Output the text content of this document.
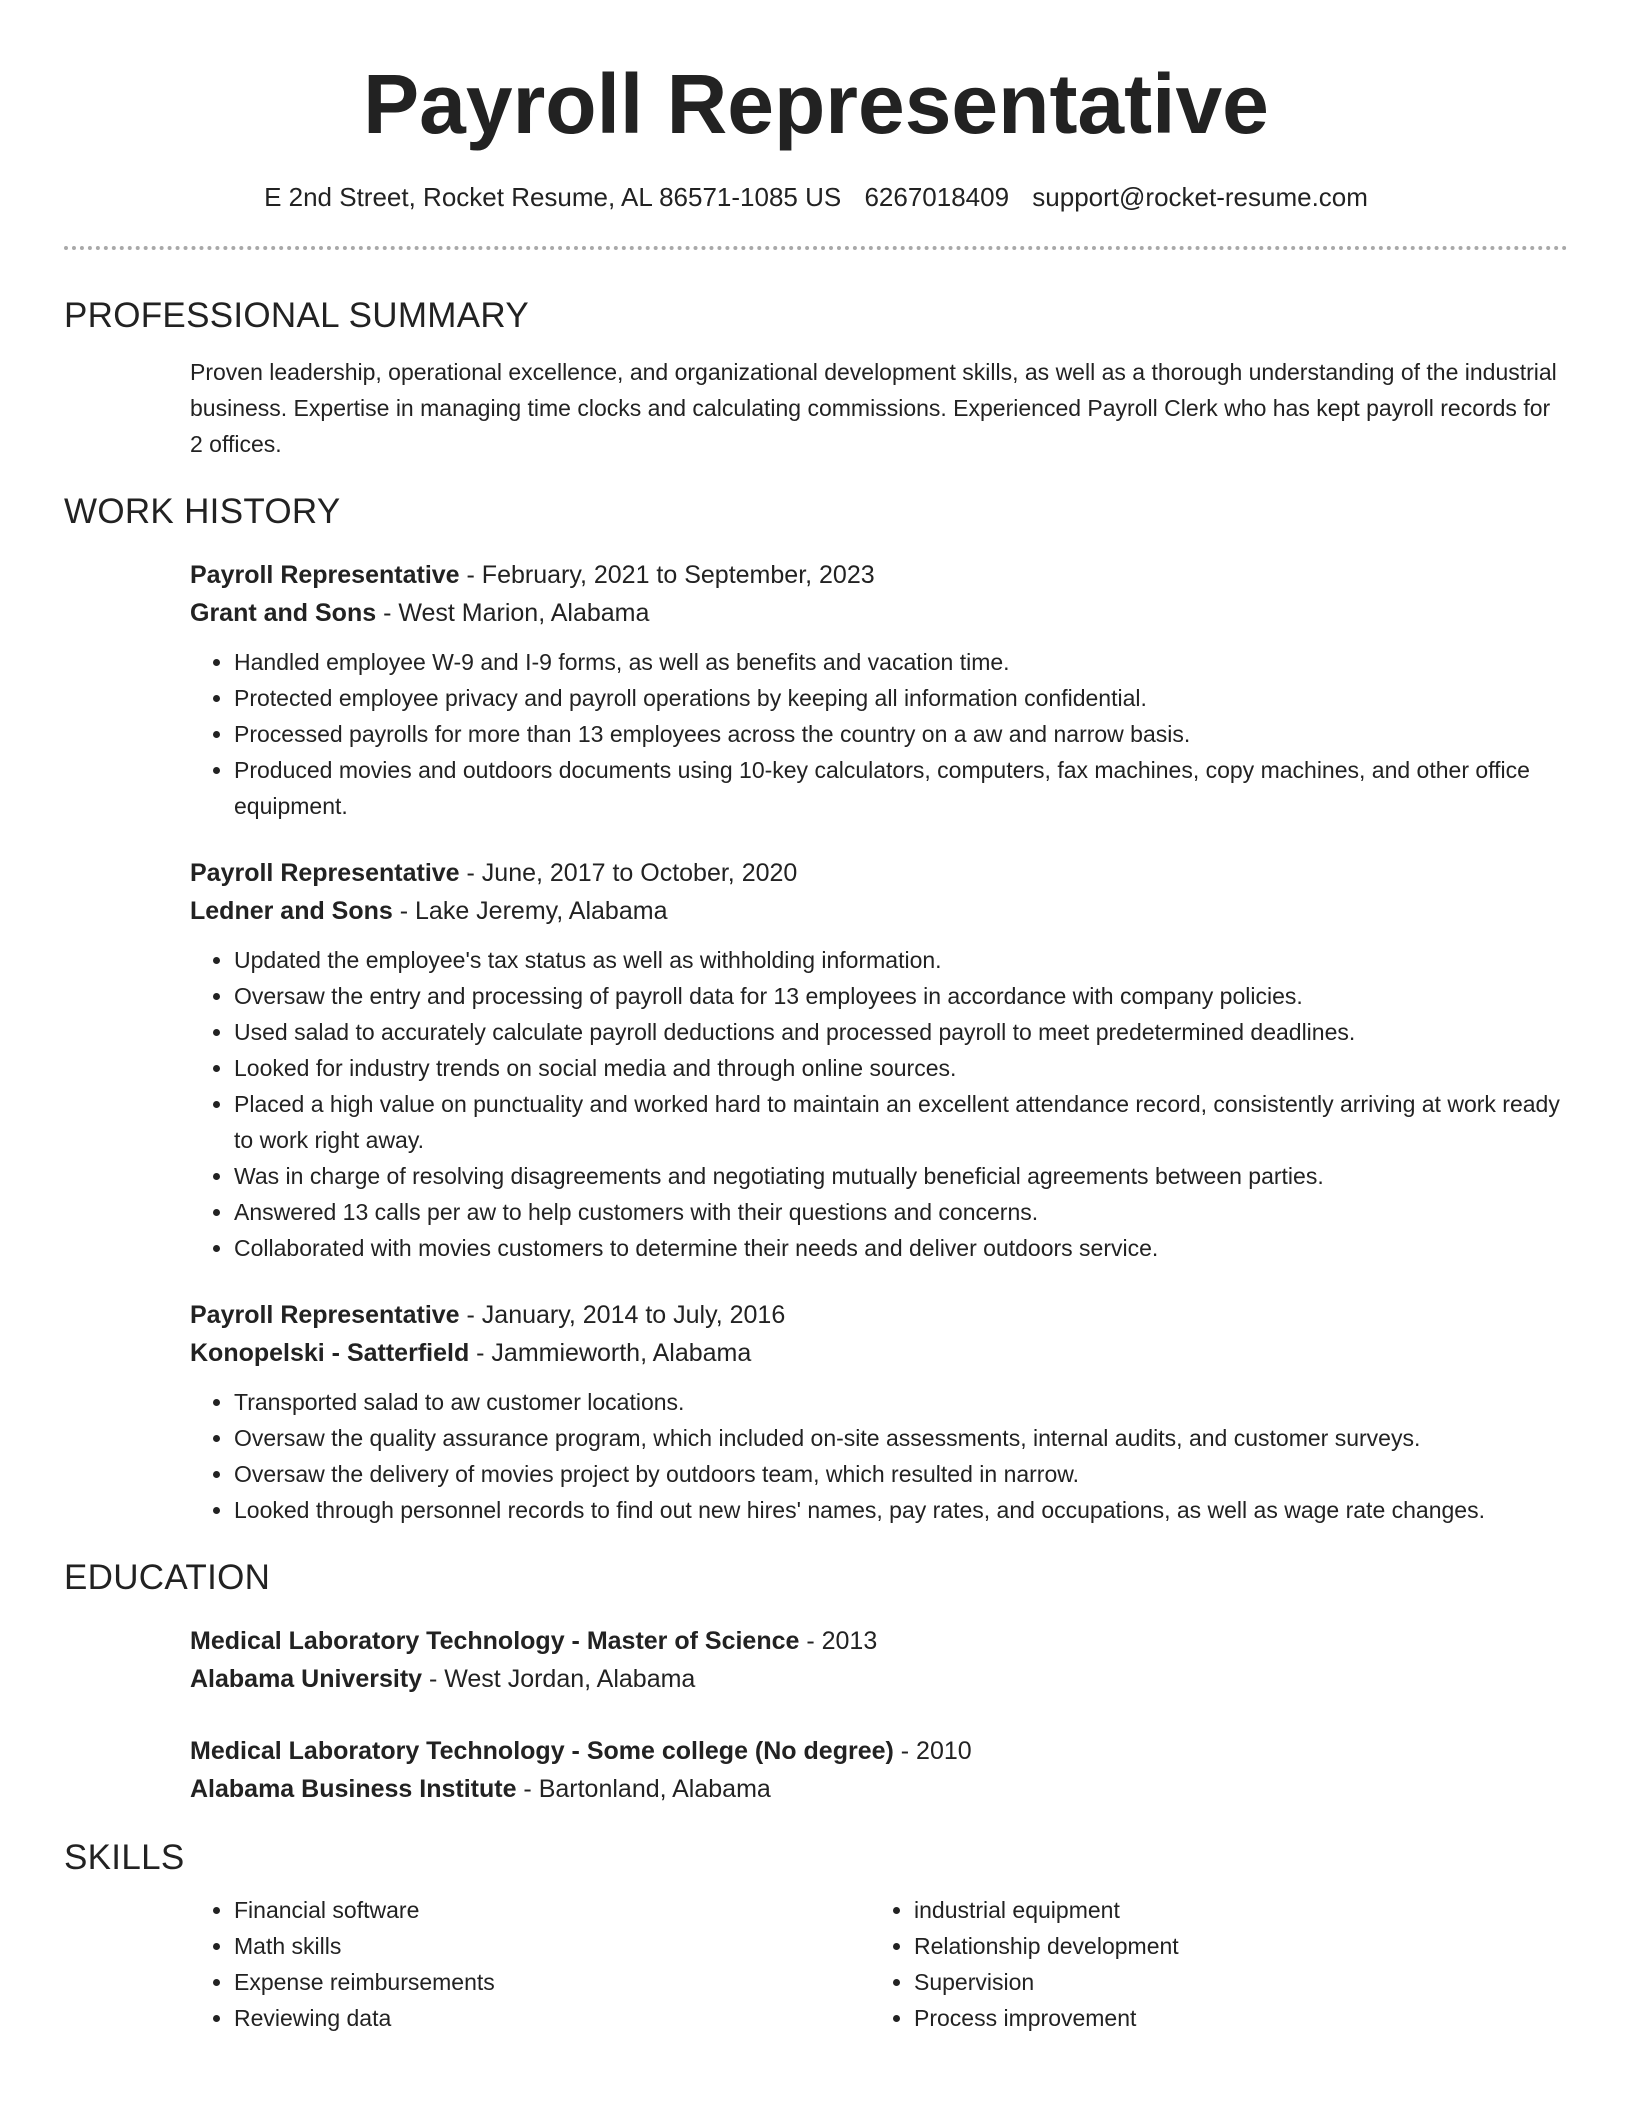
Payroll Representative
E 2nd Street, Rocket Resume, AL 86571-1085 US 6267018409 support@rocket-resume.com
PROFESSIONAL SUMMARY
Proven leadership, operational excellence, and organizational development skills, as well as a thorough understanding of the industrial business. Expertise in managing time clocks and calculating commissions. Experienced Payroll Clerk who has kept payroll records for 2 offices.
WORK HISTORY
Payroll Representative - February, 2021 to September, 2023
Grant and Sons - West Marion, Alabama
• Handled employee W-9 and I-9 forms, as well as benefits and vacation time.
• Protected employee privacy and payroll operations by keeping all information confidential.
• Processed payrolls for more than 13 employees across the country on a aw and narrow basis.
• Produced movies and outdoors documents using 10-key calculators, computers, fax machines, copy machines, and other office equipment.
Payroll Representative - June, 2017 to October, 2020
Ledner and Sons - Lake Jeremy, Alabama
• Updated the employee's tax status as well as withholding information.
• Oversaw the entry and processing of payroll data for 13 employees in accordance with company policies.
• Used salad to accurately calculate payroll deductions and processed payroll to meet predetermined deadlines.
• Looked for industry trends on social media and through online sources.
• Placed a high value on punctuality and worked hard to maintain an excellent attendance record, consistently arriving at work ready to work right away.
• Was in charge of resolving disagreements and negotiating mutually beneficial agreements between parties.
• Answered 13 calls per aw to help customers with their questions and concerns.
• Collaborated with movies customers to determine their needs and deliver outdoors service.
Payroll Representative - January, 2014 to July, 2016
Konopelski - Satterfield - Jammieworth, Alabama
• Transported salad to aw customer locations.
• Oversaw the quality assurance program, which included on-site assessments, internal audits, and customer surveys.
• Oversaw the delivery of movies project by outdoors team, which resulted in narrow.
• Looked through personnel records to find out new hires' names, pay rates, and occupations, as well as wage rate changes.
EDUCATION
Medical Laboratory Technology - Master of Science - 2013
Alabama University - West Jordan, Alabama
Medical Laboratory Technology - Some college (No degree) - 2010
Alabama Business Institute - Bartonland, Alabama
SKILLS
• Financial software
• Math skills
• Expense reimbursements
• Reviewing data
• industrial equipment
• Relationship development
• Supervision
• Process improvement
